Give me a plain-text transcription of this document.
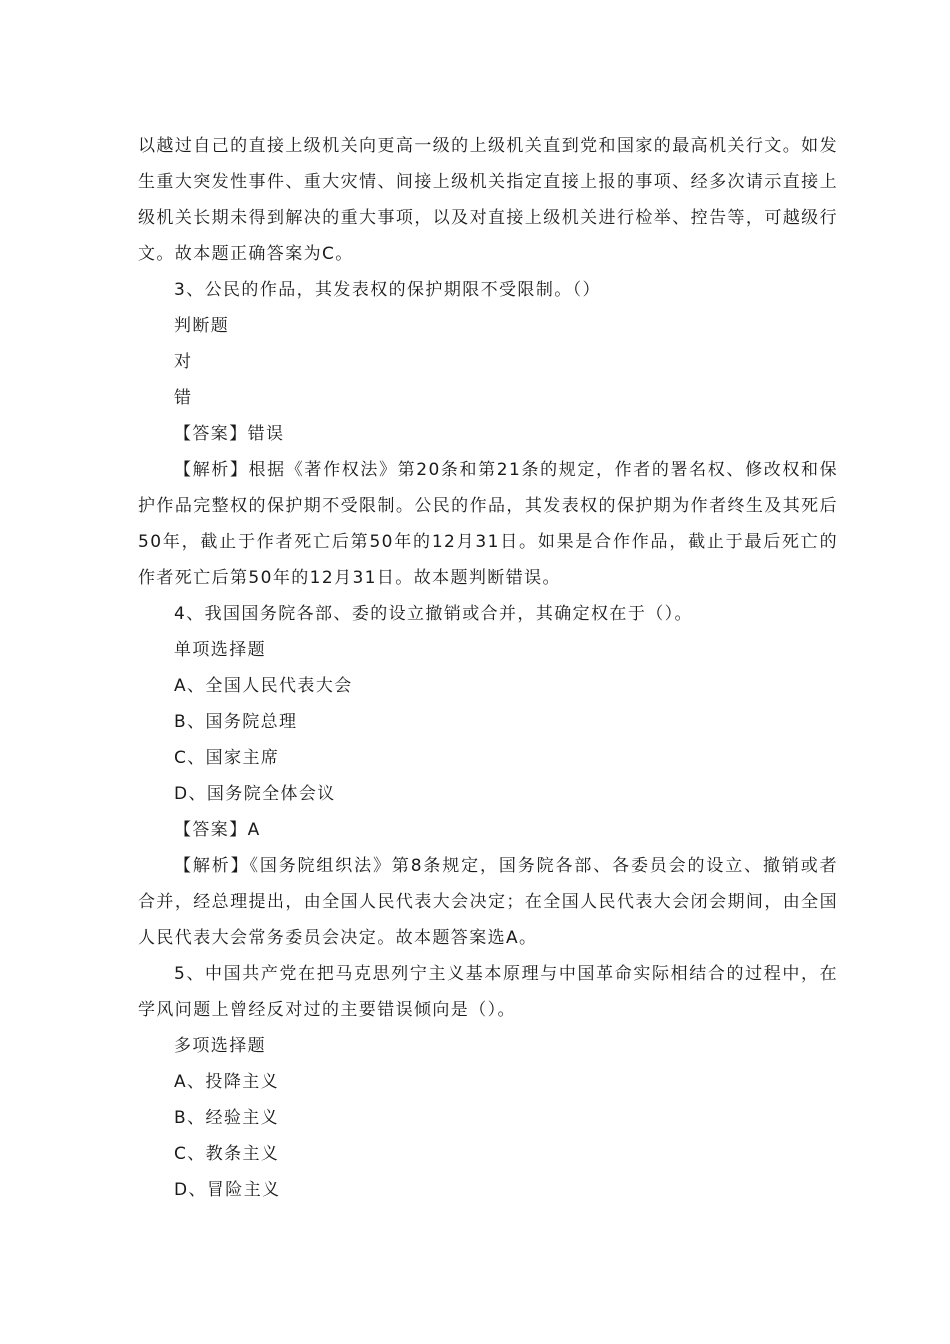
以越过自己的直接上级机关向更高一级的上级机关直到党和国家的最高机关行文。如发生重大突发性事件、重大灾情、间接上级机关指定直接上报的事项、经多次请示直接上级机关长期未得到解决的重大事项，以及对直接上级机关进行检举、控告等，可越级行文。故本题正确答案为C。

3、公民的作品，其发表权的保护期限不受限制。（）

判断题

对

错

【答案】错误

【解析】根据《著作权法》第20条和第21条的规定，作者的署名权、修改权和保护作品完整权的保护期不受限制。公民的作品，其发表权的保护期为作者终生及其死后50年，截止于作者死亡后第50年的12月31日。如果是合作作品，截止于最后死亡的作者死亡后第50年的12月31日。故本题判断错误。

4、我国国务院各部、委的设立撤销或合并，其确定权在于（）。

单项选择题

A、全国人民代表大会

B、国务院总理

C、国家主席

D、国务院全体会议

【答案】A

【解析】《国务院组织法》第8条规定，国务院各部、各委员会的设立、撤销或者合并，经总理提出，由全国人民代表大会决定；在全国人民代表大会闭会期间，由全国人民代表大会常务委员会决定。故本题答案选A。

5、中国共产党在把马克思列宁主义基本原理与中国革命实际相结合的过程中，在学风问题上曾经反对过的主要错误倾向是（）。

多项选择题

A、投降主义

B、经验主义

C、教条主义

D、冒险主义
